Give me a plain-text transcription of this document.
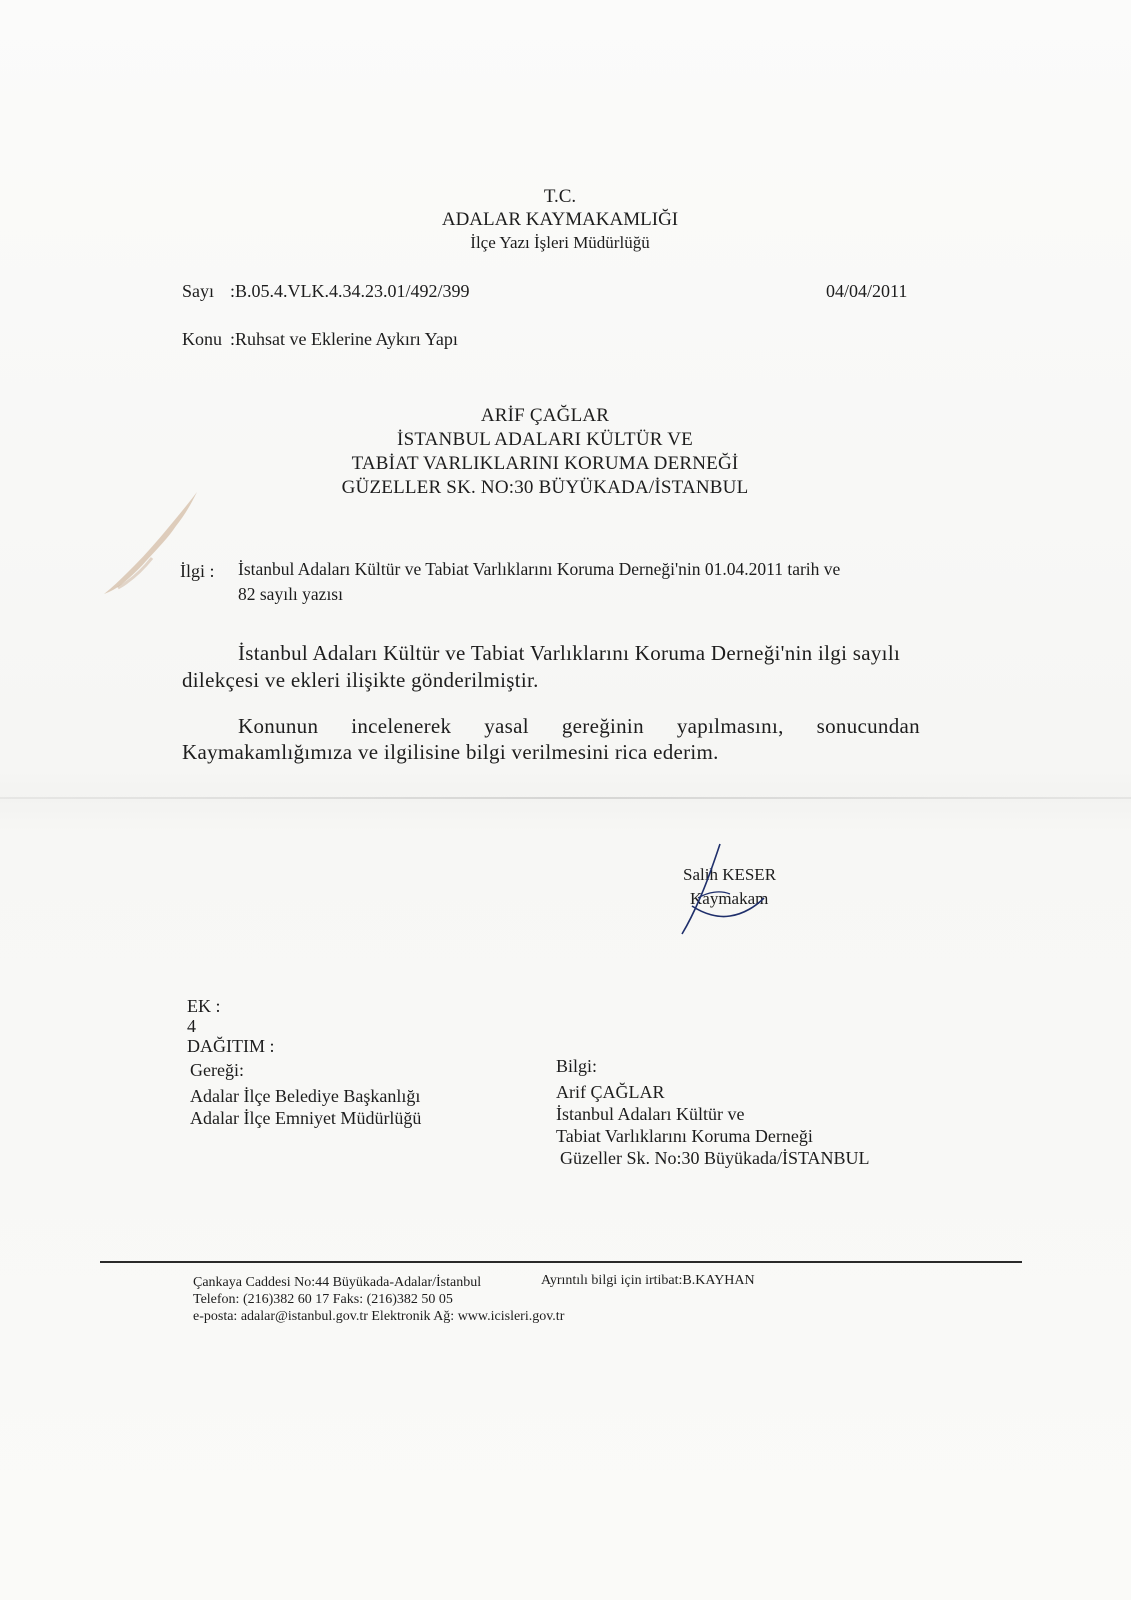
T.C.
ADALAR KAYMAKAMLIĞI
İlçe Yazı İşleri Müdürlüğü
Sayı :B.05.4.VLK.4.34.23.01/492/399	04/04/2011
Konu :Ruhsat ve Eklerine Aykırı Yapı
ARİF ÇAĞLAR
İSTANBUL ADALARI KÜLTÜR VE
TABİAT VARLIKLARINI KORUMA DERNEĞİ
GÜZELLER SK. NO:30 BÜYÜKADA/İSTANBUL
İlgi : İstanbul Adaları Kültür ve Tabiat Varlıklarını Koruma Derneği'nin 01.04.2011 tarih ve
82 sayılı yazısı
İstanbul Adaları Kültür ve Tabiat Varlıklarını Koruma Derneği'nin ilgi sayılı
dilekçesi ve ekleri ilişikte gönderilmiştir.
Konunun incelenerek yasal gereğinin yapılmasını, sonucundan
Kaymakamlığımıza ve ilgilisine bilgi verilmesini rica ederim.
Salih KESER
Kaymakam
EK :
4
DAĞITIM :
Gereği:
Adalar İlçe Belediye Başkanlığı
Adalar İlçe Emniyet Müdürlüğü
Bilgi:
Arif ÇAĞLAR
İstanbul Adaları Kültür ve
Tabiat Varlıklarını Koruma Derneği
Güzeller Sk. No:30 Büyükada/İSTANBUL
Çankaya Caddesi No:44 Büyükada-Adalar/İstanbul	Ayrıntılı bilgi için irtibat:B.KAYHAN
Telefon: (216)382 60 17 Faks: (216)382 50 05
e-posta: adalar@istanbul.gov.tr Elektronik Ağ: www.icisleri.gov.tr
